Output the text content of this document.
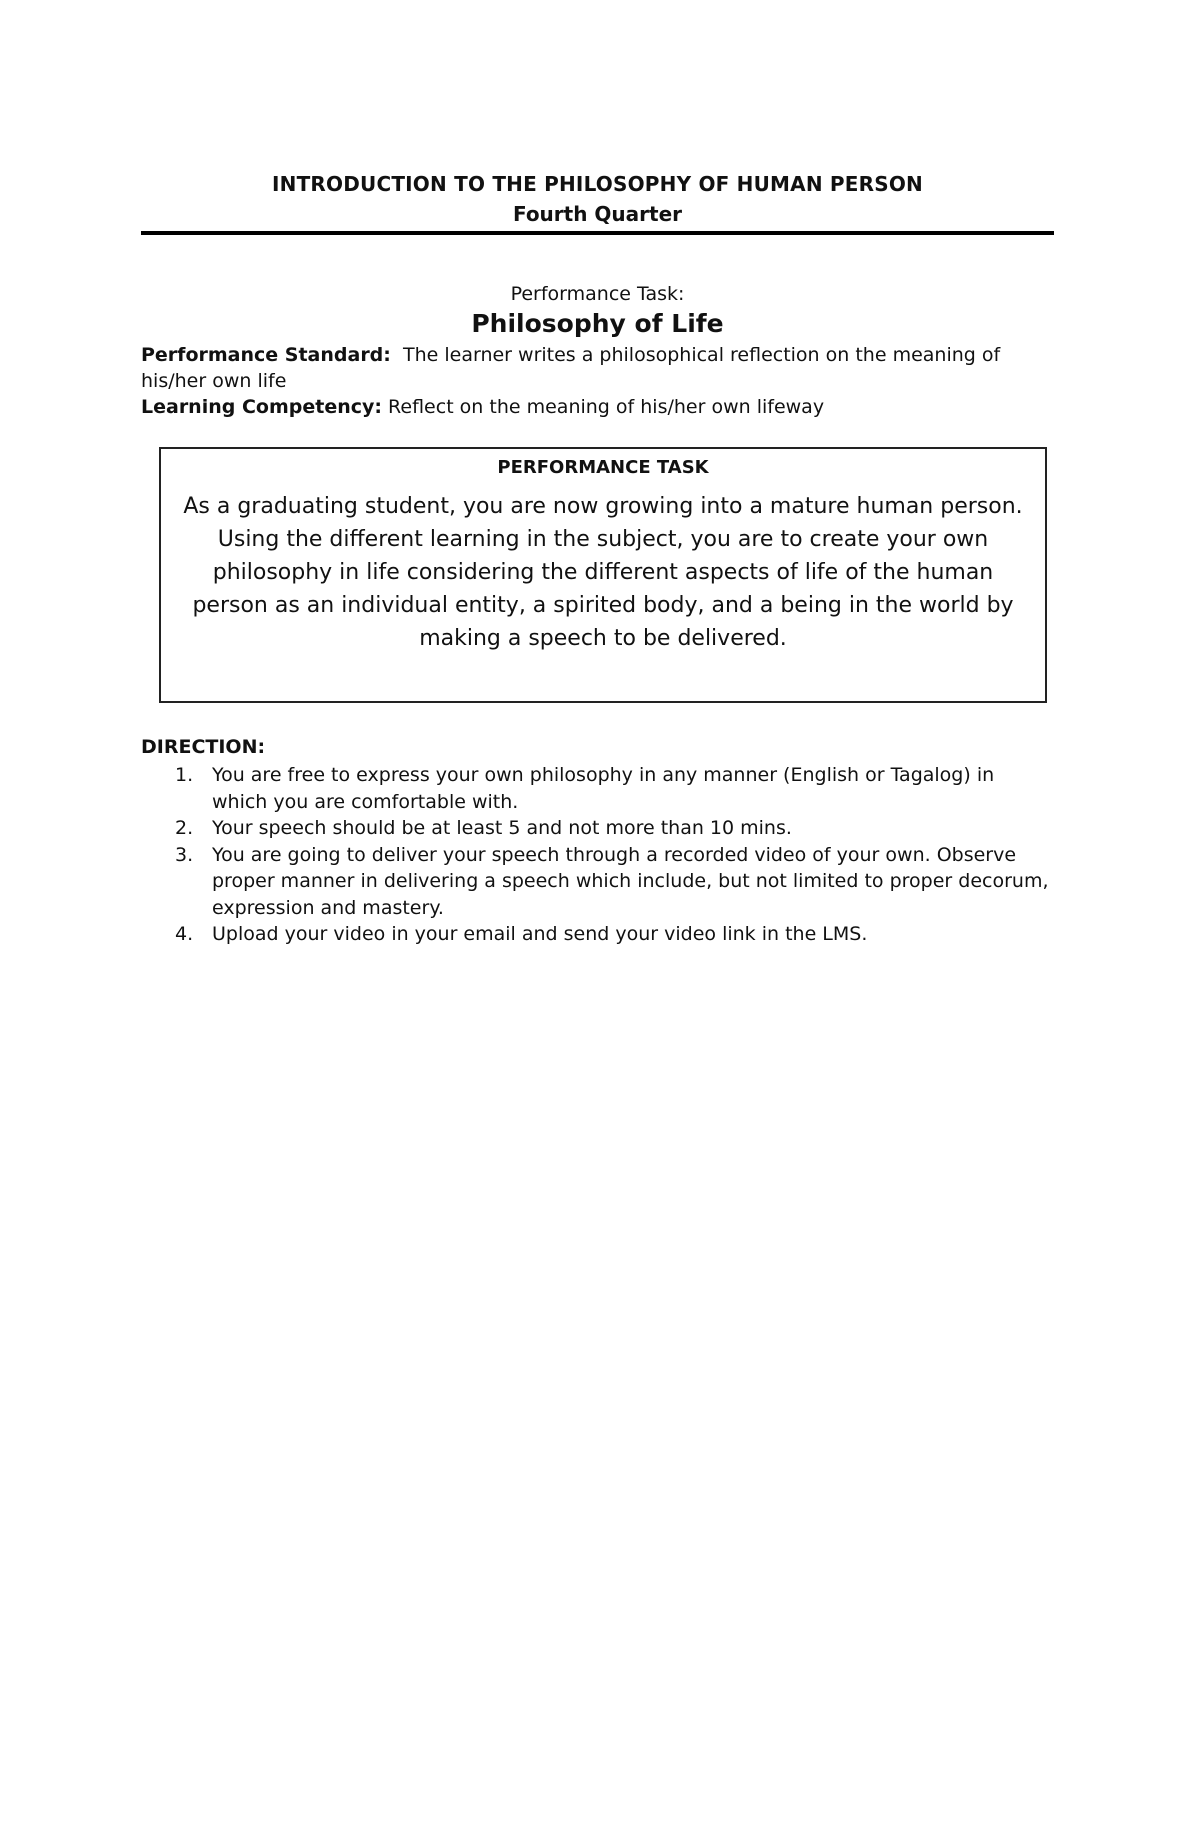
INTRODUCTION TO THE PHILOSOPHY OF HUMAN PERSON
Fourth Quarter
Performance Task:
Philosophy of Life
Performance Standard: The learner writes a philosophical reflection on the meaning of his/her own life
Learning Competency: Reflect on the meaning of his/her own lifeway
PERFORMANCE TASK
As a graduating student, you are now growing into a mature human person. Using the different learning in the subject, you are to create your own philosophy in life considering the different aspects of life of the human person as an individual entity, a spirited body, and a being in the world by making a speech to be delivered.
DIRECTION:
1. You are free to express your own philosophy in any manner (English or Tagalog) in which you are comfortable with.
2. Your speech should be at least 5 and not more than 10 mins.
3. You are going to deliver your speech through a recorded video of your own. Observe proper manner in delivering a speech which include, but not limited to proper decorum, expression and mastery.
4. Upload your video in your email and send your video link in the LMS.
